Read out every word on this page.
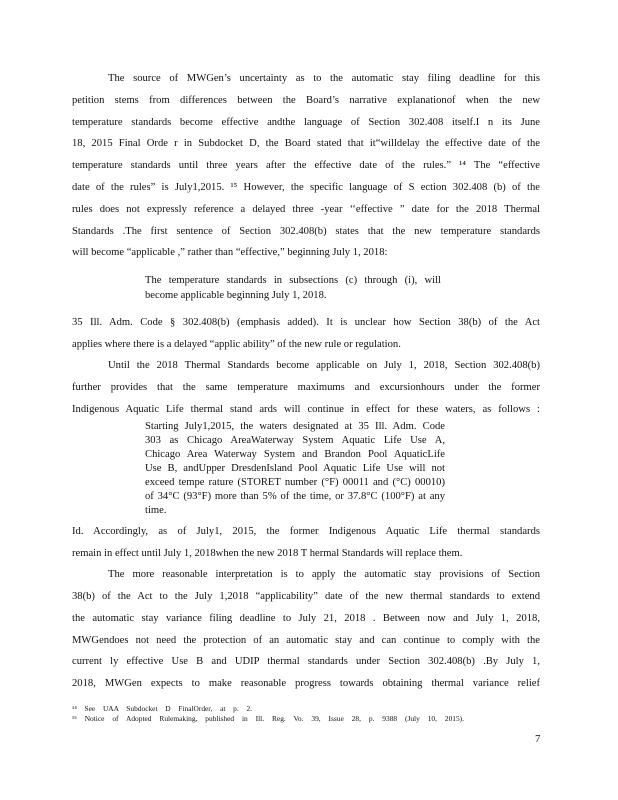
The source of MWGen’s uncertainty as to the automatic stay filing deadline for this
petition stems from differences between the Board’s narrative explanationof when the new
temperature standards become effective andthe language of Section 302.408 itself.I n its June
18, 2015 Final Orde r in Subdocket D, the Board stated that it“willdelay the effective date of the
temperature standards until three years after the effective date of the rules.” ¹⁴ The “effective
date of the rules” is July1,2015. ¹⁵ However, the specific language of S ection 302.408 (b) of the
rules does not expressly reference a delayed three -year ‘‘effective ” date for the 2018 Thermal
Standards .The first sentence of Section 302.408(b) states that the new temperature standards
will become “applicable ,” rather than “effective,” beginning July 1, 2018:
The temperature standards in subsections (c) through (i), will
become applicable beginning July 1, 2018.
35 Ill. Adm. Code § 302.408(b) (emphasis added). It is unclear how Section 38(b) of the Act
applies where there is a delayed “applic ability” of the new rule or regulation.
Until the 2018 Thermal Standards become applicable on July 1, 2018, Section 302.408(b)
further provides that the same temperature maximums and excursionhours under the former
Indigenous Aquatic Life thermal stand ards will continue in effect for these waters, as follows :
Starting July1,2015, the waters designated at 35 Ill. Adm. Code
303 as Chicago AreaWaterway System Aquatic Life Use A,
Chicago Area Waterway System and Brandon Pool AquaticLife
Use B, andUpper DresdenIsland Pool Aquatic Life Use will not
exceed tempe rature (STORET number (°F) 00011 and (°C) 00010)
of 34°C (93°F) more than 5% of the time, or 37.8°C (100°F) at any
time.
Id. Accordingly, as of July1, 2015, the former Indigenous Aquatic Life thermal standards
remain in effect until July 1, 2018when the new 2018 T hermal Standards will replace them.
The more reasonable interpretation is to apply the automatic stay provisions of Section
38(b) of the Act to the July 1,2018 “applicability” date of the new thermal standards to extend
the automatic stay variance filing deadline to July 21, 2018 . Between now and July 1, 2018,
MWGendoes not need the protection of an automatic stay and can continue to comply with the
current ly effective Use B and UDIP thermal standards under Section 302.408(b) .By July 1,
2018, MWGen expects to make reasonable progress towards obtaining thermal variance relief
¹⁴ See UAA Subdocket D FinalOrder, at p. 2.
¹⁵ Notice of Adopted Rulemaking, published in Ill. Reg. Vo. 39, Issue 28, p. 9388 (July 10, 2015).
7
